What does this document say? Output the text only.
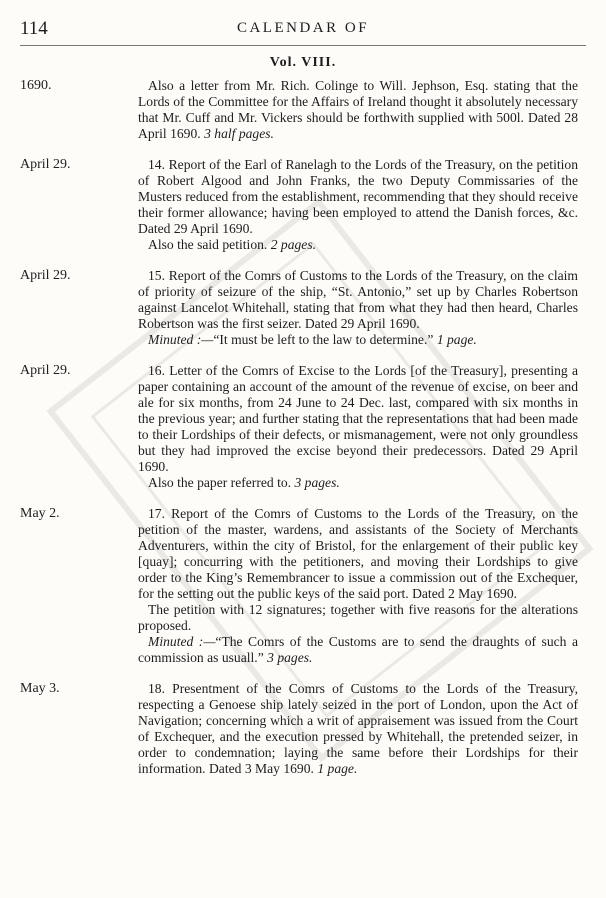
114	CALENDAR OF
Vol. VIII.
1690.	Also a letter from Mr. Rich. Colinge to Will. Jephson, Esq. stating that the Lords of the Committee for the Affairs of Ireland thought it absolutely necessary that Mr. Cuff and Mr. Vickers should be forthwith supplied with 500l. Dated 28 April 1690. 3 half pages.

April 29.	14. Report of the Earl of Ranelagh to the Lords of the Treasury, on the petition of Robert Algood and John Franks, the two Deputy Commissaries of the Musters reduced from the establishment, recommending that they should receive their former allowance; having been employed to attend the Danish forces, &c. Dated 29 April 1690.

Also the said petition. 2 pages.

April 29.	15. Report of the Comrs of Customs to the Lords of the Treasury, on the claim of priority of seizure of the ship, “St. Antonio,” set up by Charles Robertson against Lancelot Whitehall, stating that from what they had then heard, Charles Robertson was the first seizer. Dated 29 April 1690.

Minuted :—“It must be left to the law to determine.” 1 page.

April 29.	16. Letter of the Comrs of Excise to the Lords [of the Treasury], presenting a paper containing an account of the amount of the revenue of excise, on beer and ale for six months, from 24 June to 24 Dec. last, compared with six months in the previous year; and further stating that the representations that had been made to their Lordships of their defects, or mismanagement, were not only groundless but they had improved the excise beyond their predecessors. Dated 29 April 1690.

Also the paper referred to. 3 pages.

May 2.	17. Report of the Comrs of Customs to the Lords of the Treasury, on the petition of the master, wardens, and assistants of the Society of Merchants Adventurers, within the city of Bristol, for the enlargement of their public key [quay]; concurring with the petitioners, and moving their Lordships to give order to the King’s Remembrancer to issue a commission out of the Exchequer, for the setting out the public keys of the said port. Dated 2 May 1690.

The petition with 12 signatures; together with five reasons for the alterations proposed.

Minuted :—“The Comrs of the Customs are to send the draughts of such a commission as usuall.” 3 pages.

May 3.	18. Presentment of the Comrs of Customs to the Lords of the Treasury, respecting a Genoese ship lately seized in the port of London, upon the Act of Navigation; concerning which a writ of appraisement was issued from the Court of Exchequer, and the execution pressed by Whitehall, the pretended seizer, in order to condemnation; laying the same before their Lordships for their information. Dated 3 May 1690. 1 page.
